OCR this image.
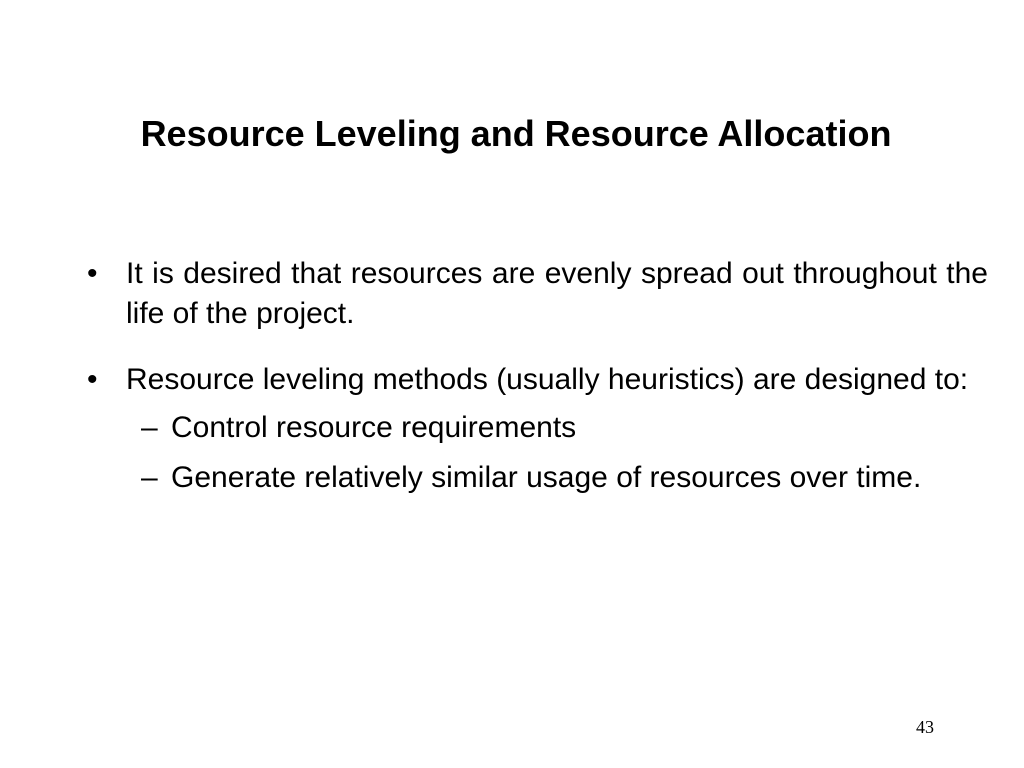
Resource Leveling and Resource Allocation
• It is desired that resources are evenly spread out throughout the life of the project.
• Resource leveling methods (usually heuristics) are designed to:
– Control resource requirements
– Generate relatively similar usage of resources over time.
43
